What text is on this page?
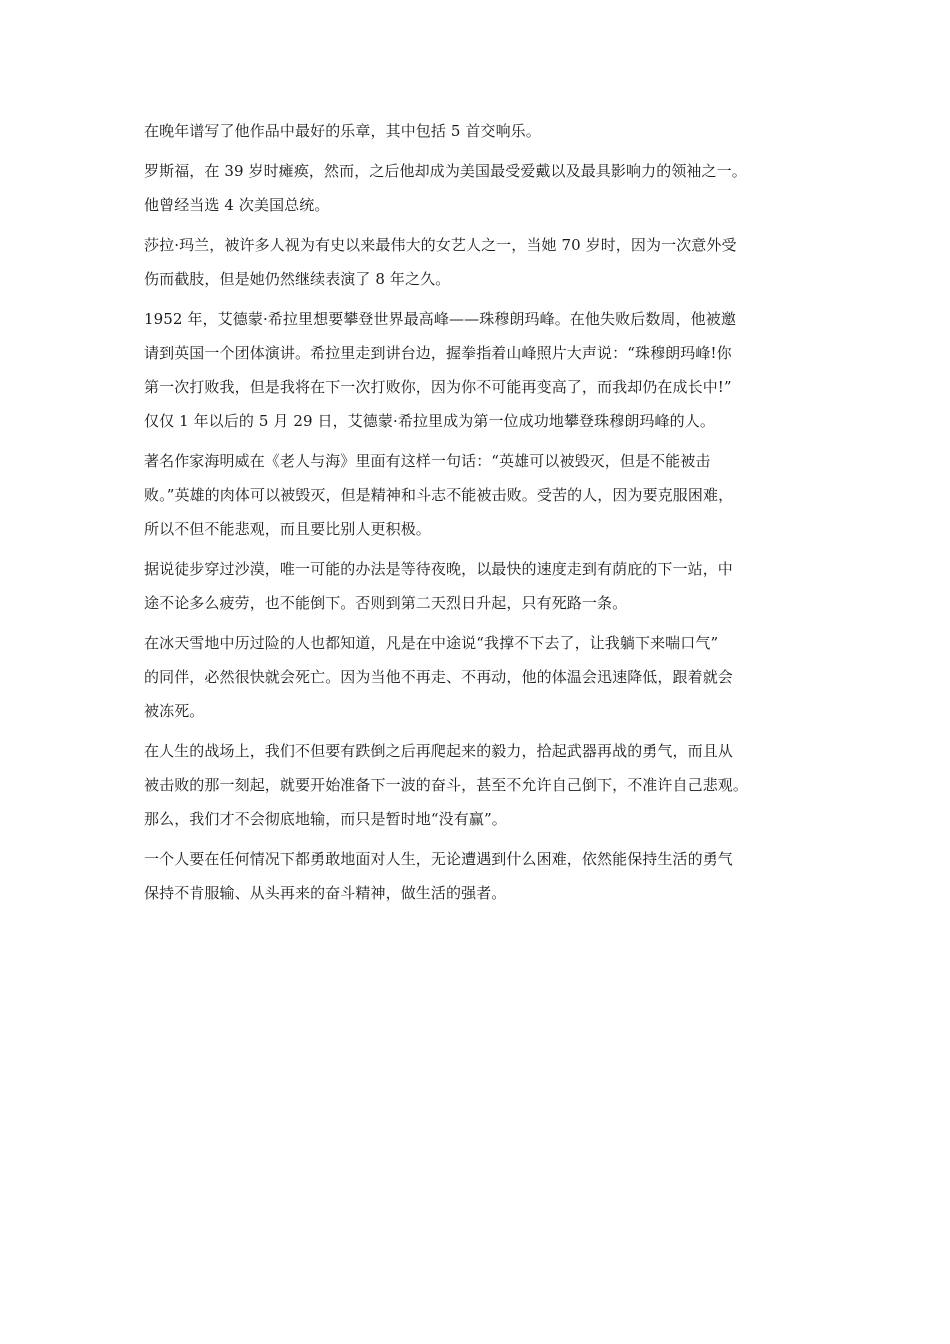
在晚年谱写了他作品中最好的乐章，其中包括 5 首交响乐。
罗斯福，在 39 岁时瘫痪，然而，之后他却成为美国最受爱戴以及最具影响力的领袖之一。
他曾经当选 4 次美国总统。
莎拉·玛兰，被许多人视为有史以来最伟大的女艺人之一，当她 70 岁时，因为一次意外受
伤而截肢，但是她仍然继续表演了 8 年之久。
1952 年，艾德蒙·希拉里想要攀登世界最高峰——珠穆朗玛峰。在他失败后数周，他被邀
请到英国一个团体演讲。希拉里走到讲台边，握拳指着山峰照片大声说：“珠穆朗玛峰!你
第一次打败我，但是我将在下一次打败你，因为你不可能再变高了，而我却仍在成长中!”
仅仅 1 年以后的 5 月 29 日，艾德蒙·希拉里成为第一位成功地攀登珠穆朗玛峰的人。
著名作家海明威在《老人与海》里面有这样一句话：“英雄可以被毁灭，但是不能被击
败。”英雄的肉体可以被毁灭，但是精神和斗志不能被击败。受苦的人，因为要克服困难，
所以不但不能悲观，而且要比别人更积极。
据说徒步穿过沙漠，唯一可能的办法是等待夜晚，以最快的速度走到有荫庇的下一站，中
途不论多么疲劳，也不能倒下。否则到第二天烈日升起，只有死路一条。
在冰天雪地中历过险的人也都知道，凡是在中途说“我撑不下去了，让我躺下来喘口气”
的同伴，必然很快就会死亡。因为当他不再走、不再动，他的体温会迅速降低，跟着就会
被冻死。
在人生的战场上，我们不但要有跌倒之后再爬起来的毅力，拾起武器再战的勇气，而且从
被击败的那一刻起，就要开始准备下一波的奋斗，甚至不允许自己倒下，不准许自己悲观。
那么，我们才不会彻底地输，而只是暂时地“没有赢”。
一个人要在任何情况下都勇敢地面对人生，无论遭遇到什么困难，依然能保持生活的勇气
保持不肯服输、从头再来的奋斗精神，做生活的强者。
